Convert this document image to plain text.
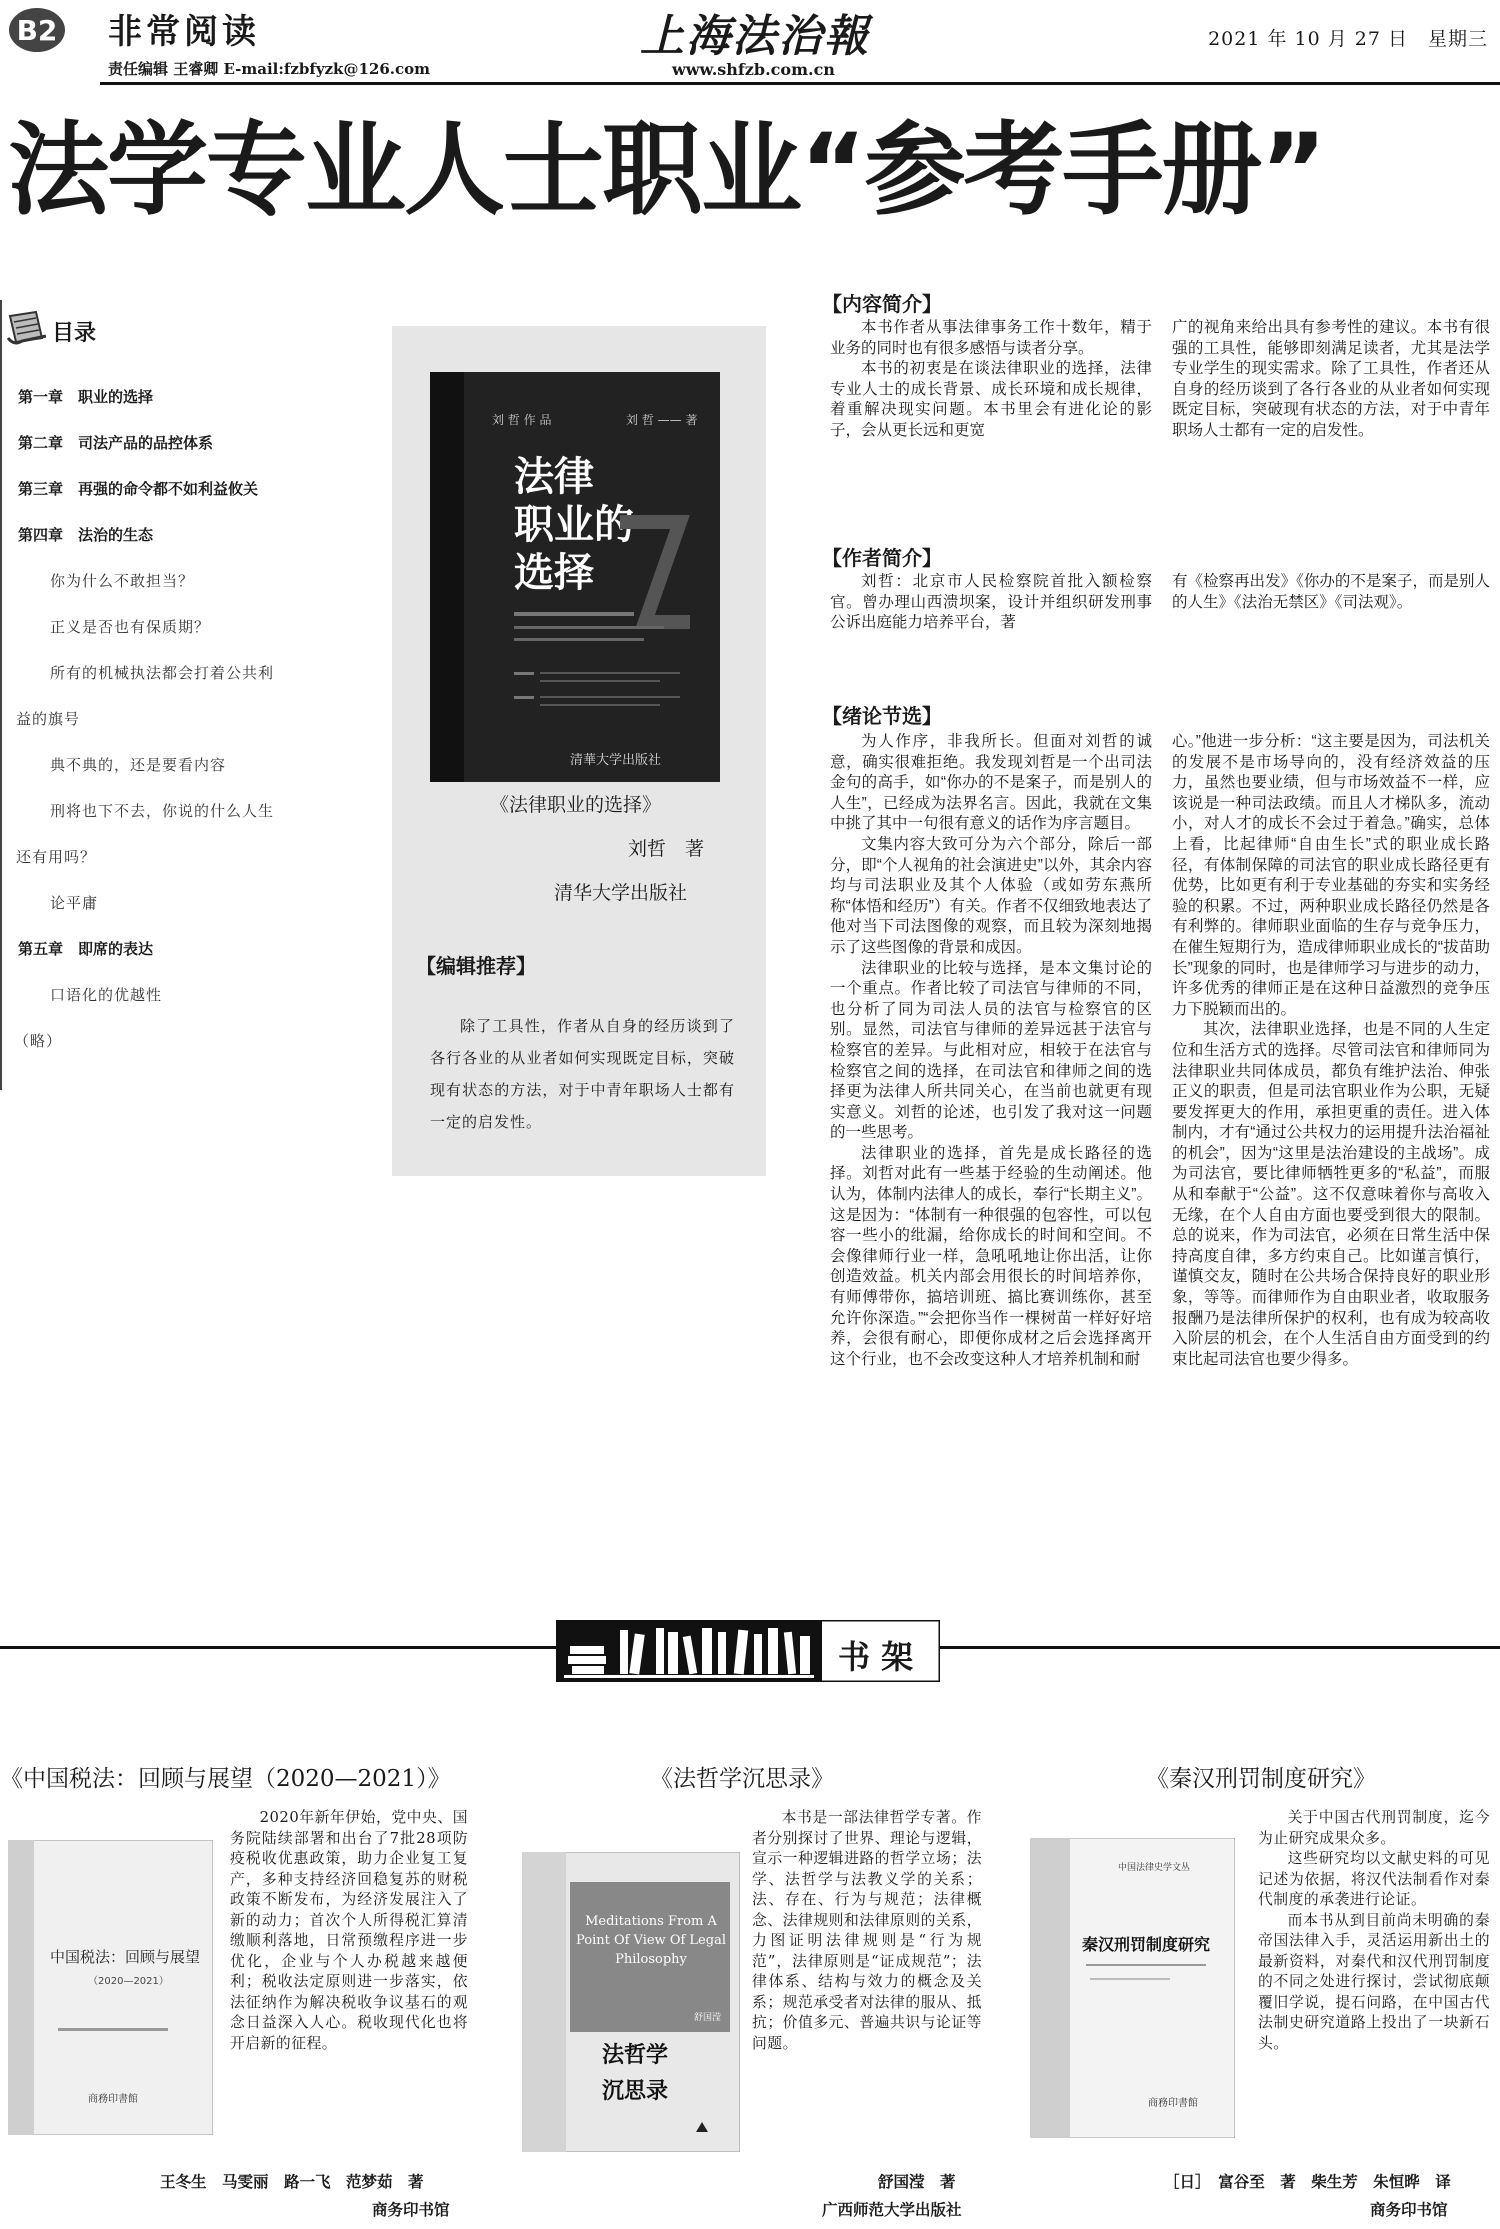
B2 非常阅读
责任编辑 王睿卿 E-mail:fzbfyzk@126.com
上海法治報
www.shfzb.com.cn
2021 年 10 月 27 日　星期三
法学专业人士职业“参考手册”
目录
第一章　职业的选择
第二章　司法产品的品控体系
第三章　再强的命令都不如利益攸关
第四章　法治的生态
　　你为什么不敢担当？
　　正义是否也有保质期？
　　所有的机械执法都会打着公共利
益的旗号
　　典不典的，还是要看内容
　　刑将也下不去，你说的什么人生
还有用吗？
　　论平庸
第五章　即席的表达
　　口语化的优越性
（略）
刘 哲 作 品	刘 哲 —— 著
法律
职业的
选择
清華大学出版社
《法律职业的选择》
刘哲　著
清华大学出版社
【编辑推荐】
除了工具性，作者从自身的经历谈到了各行各业的从业者如何实现既定目标，突破现有状态的方法，对于中青年职场人士都有一定的启发性。
【内容简介】

本书作者从事法律事务工作十数年，精于业务的同时也有很多感悟与读者分享。

本书的初衷是在谈法律职业的选择，法律专业人士的成长背景、成长环境和成长规律，着重解决现实问题。本书里会有进化论的影子，会从更长远和更宽

广的视角来给出具有参考性的建议。本书有很强的工具性，能够即刻满足读者，尤其是法学专业学生的现实需求。除了工具性，作者还从自身的经历谈到了各行各业的从业者如何实现既定目标，突破现有状态的方法，对于中青年职场人士都有一定的启发性。

【作者简介】

刘哲：北京市人民检察院首批入额检察官。曾办理山西溃坝案，设计并组织研发刑事公诉出庭能力培养平台，著

有《检察再出发》《你办的不是案子，而是别人的人生》《法治无禁区》《司法观》。

【绪论节选】

为人作序，非我所长。但面对刘哲的诚意，确实很难拒绝。我发现刘哲是一个出司法金句的高手，如“你办的不是案子，而是别人的人生”，已经成为法界名言。因此，我就在文集中挑了其中一句很有意义的话作为序言题目。

文集内容大致可分为六个部分，除后一部分，即“个人视角的社会演进史”以外，其余内容均与司法职业及其个人体验（或如劳东燕所称“体悟和经历”）有关。作者不仅细致地表达了他对当下司法图像的观察，而且较为深刻地揭示了这些图像的背景和成因。

法律职业的比较与选择，是本文集讨论的一个重点。作者比较了司法官与律师的不同，也分析了同为司法人员的法官与检察官的区别。显然，司法官与律师的差异远甚于法官与检察官的差异。与此相对应，相较于在法官与检察官之间的选择，在司法官和律师之间的选择更为法律人所共同关心，在当前也就更有现实意义。刘哲的论述，也引发了我对这一问题的一些思考。

法律职业的选择，首先是成长路径的选择。刘哲对此有一些基于经验的生动阐述。他认为，体制内法律人的成长，奉行“长期主义”。这是因为：“体制有一种很强的包容性，可以包容一些小的纰漏，给你成长的时间和空间。不会像律师行业一样，急吼吼地让你出活，让你创造效益。机关内部会用很长的时间培养你，有师傅带你，搞培训班、搞比赛训练你，甚至允许你深造。”“会把你当作一棵树苗一样好好培养，会很有耐心，即便你成材之后会选择离开这个行业，也不会改变这种人才培养机制和耐

心。”他进一步分析：“这主要是因为，司法机关的发展不是市场导向的，没有经济效益的压力，虽然也要业绩，但与市场效益不一样，应该说是一种司法政绩。而且人才梯队多，流动小，对人才的成长不会过于着急。”确实，总体上看，比起律师“自由生长”式的职业成长路径，有体制保障的司法官的职业成长路径更有优势，比如更有利于专业基础的夯实和实务经验的积累。不过，两种职业成长路径仍然是各有利弊的。律师职业面临的生存与竞争压力，在催生短期行为，造成律师职业成长的“拔苗助长”现象的同时，也是律师学习与进步的动力，许多优秀的律师正是在这种日益激烈的竞争压力下脱颖而出的。

其次，法律职业选择，也是不同的人生定位和生活方式的选择。尽管司法官和律师同为法律职业共同体成员，都负有维护法治、伸张正义的职责，但是司法官职业作为公职，无疑要发挥更大的作用，承担更重的责任。进入体制内，才有“通过公共权力的运用提升法治福祉的机会”，因为“这里是法治建设的主战场”。成为司法官，要比律师牺牲更多的“私益”，而服从和奉献于“公益”。这不仅意味着你与高收入无缘，在个人自由方面也要受到很大的限制。总的说来，作为司法官，必须在日常生活中保持高度自律，多方约束自己。比如谨言慎行，谨慎交友，随时在公共场合保持良好的职业形象，等等。而律师作为自由职业者，收取服务报酬乃是法律所保护的权利，也有成为较高收入阶层的机会，在个人生活自由方面受到的约束比起司法官也要少得多。

书 架
《中国税法：回顾与展望（2020—2021）》
中国税法：回顾与展望
（2020—2021）
商務印書館

2020年新年伊始，党中央、国务院陆续部署和出台了7批28项防疫税收优惠政策，助力企业复工复产，多种支持经济回稳复苏的财税政策不断发布，为经济发展注入了新的动力；首次个人所得税汇算清缴顺利落地，日常预缴程序进一步优化，企业与个人办税越来越便利；税收法定原则进一步落实，依法征纳作为解决税收争议基石的观念日益深入人心。税收现代化也将开启新的征程。

王冬生　马雯丽　路一飞　范梦茹　著
商务印书馆
《法哲学沉思录》
Meditations From A Point Of View Of Legal Philosophy
法哲学
沉思录
舒国滢

本书是一部法律哲学专著。作者分别探讨了世界、理论与逻辑，宣示一种逻辑进路的哲学立场；法学、法哲学与法教义学的关系；法、存在、行为与规范；法律概念、法律规则和法律原则的关系，力图证明法律规则是“行为规范”，法律原则是“证成规范”；法律体系、结构与效力的概念及关系；规范承受者对法律的服从、抵抗；价值多元、普遍共识与论证等问题。

舒国滢　著
广西师范大学出版社
《秦汉刑罚制度研究》
中国法律史学文丛
秦汉刑罚制度研究
商務印書館

关于中国古代刑罚制度，迄今为止研究成果众多。

这些研究均以文献史料的可见记述为依据，将汉代法制看作对秦代制度的承袭进行论证。

而本书从到目前尚未明确的秦帝国法律入手，灵活运用新出土的最新资料，对秦代和汉代刑罚制度的不同之处进行探讨，尝试彻底颠覆旧学说，提石问路，在中国古代法制史研究道路上投出了一块新石头。

［日］　富谷至　著　柴生芳　朱恒晔　译
商务印书馆
